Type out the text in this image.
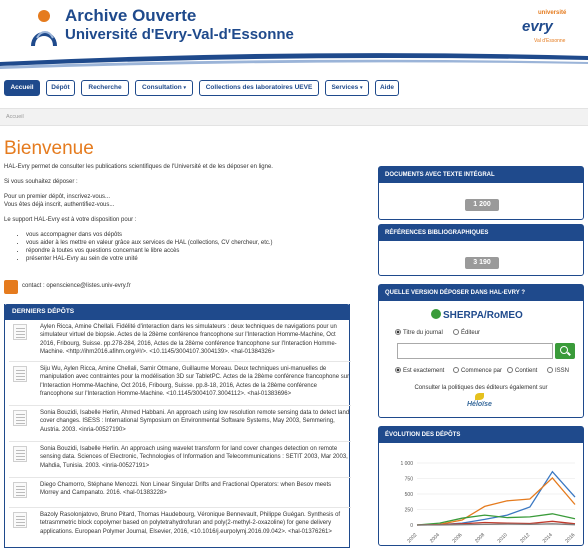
Archive Ouverte
Université d'Evry-Val-d'Essonne
université
evry
Val d'Essonne
Accueil	Dépôt	Recherche	Consultation ▾	Collections des laboratoires UEVE	Services ▾	Aide
Accueil
Bienvenue

HAL-Evry permet de consulter les publications scientifiques de l'Université et de les déposer en ligne.

Si vous souhaitez déposer :

Pour un premier dépôt, inscrivez-vous...
Vous êtes déjà inscrit, authentifiez-vous...

Le support HAL-Evry est à votre disposition pour :

• vous accompagner dans vos dépôts
• vous aider à les mettre en valeur grâce aux services de HAL (collections, CV chercheur, etc.)
• répondre à toutes vos questions concernant le libre accès
• présenter HAL-Evry au sein de votre unité
contact : openscience@listes.univ-evry.fr
Aylen Ricca, Amine Chellali. Fidélité d'interaction dans les simulateurs : deux techniques de navigations pour un simulateur virtuel de biopsie. Actes de la 28ème conférence francophone sur l'Interaction Homme-Machine, Oct 2016, Fribourg, Suisse. pp.278-284, 2016, Actes de la 28ème conférence francophone sur l'Interaction Homme-Machine. <http://ihm2016.afihm.org/#!/>. <10.1145/3004107.3004139>. <hal-01384326>
Siju Wu, Aylen Ricca, Amine Chellali, Samir Otmane, Guillaume Moreau. Deux techniques uni-manuelles de manipulation avec contraintes pour la modélisation 3D sur TabletPC. Actes de la 28ème conférence francophone sur l'Interaction Homme-Machine, Oct 2016, Fribourg, Suisse. pp.8-18, 2016, Actes de la 28ème conférence francophone sur l'Interaction Homme-Machine. <10.1145/3004107.3004112>. <hal-01383696>
Sonia Bouzidi, Isabelle Herlin, Ahmed Habbani. An approach using low resolution remote sensing data to detect land cover changes. ISESS : International Symposium on Environmental Software Systems, May 2003, Semmering, Austria. 2003. <inria-00527190>
Sonia Bouzidi, Isabelle Herlin. An approach using wavelet transform for land cover changes detection on remote sensing data. Sciences of Electronic, Technologies of Information and Telecommunications : SETIT 2003, Mar 2003, Mahdia, Tunisia. 2003. <inria-00527191>
Diego Chamorro, Stéphane Menozzi. Non Linear Singular Drifts and Fractional Operators: when Besov meets Morrey and Campanato. 2016. <hal-01383228>
Bazoly Rasolonjatovo, Bruno Pitard, Thomas Haudebourg, Véronique Bennevault, Philippe Guégan. Synthesis of tetrasmmetric block copolymer based on polytetrahydrofuran and poly(2-methyl-2-oxazoline) for gene delivery applications. European Polymer Journal, Elsevier, 2016, <10.1016/j.eurpolymj.2016.09.042>. <hal-01376261>
DERNIERS DÉPÔTS
DOCUMENTS AVEC TEXTE INTÉGRAL
1 200
RÉFÉRENCES BIBLIOGRAPHIQUES
3 190
QUELLE VERSION DÉPOSER DANS HAL-EVRY ?
SHERPA/RoMEO
Titre du journal	Éditeur
Est exactement	Commence par	Contient	ISSN
Consulter la politiques des éditeurs également sur
Héloïse
ÉVOLUTION DES DÉPÔTS
0
250
500
750
1 000
2002 2004 2006 2008 2010 2012 2014 2016
